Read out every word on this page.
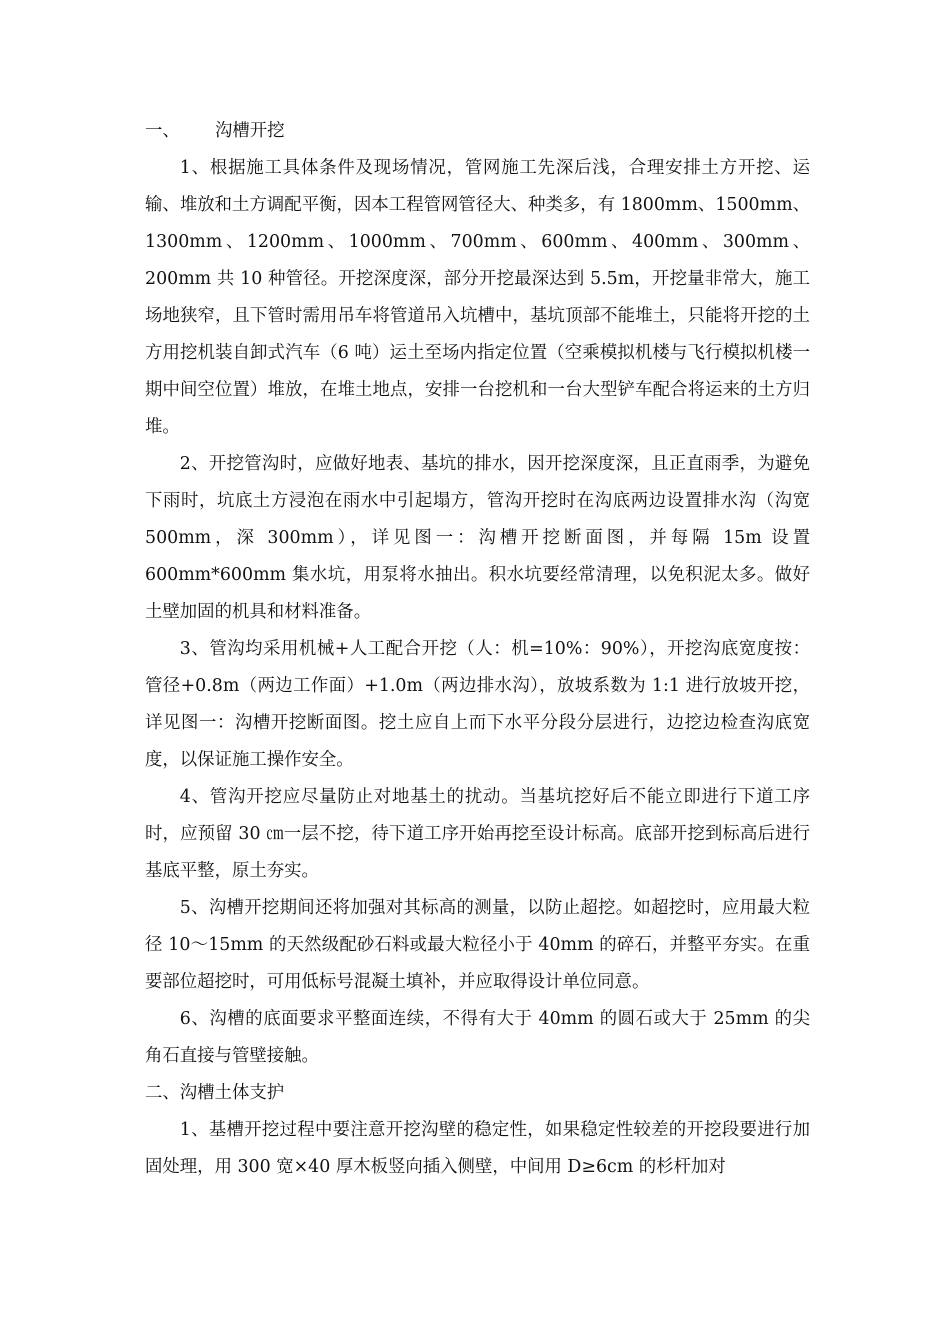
一、 沟槽开挖

1、根据施工具体条件及现场情况，管网施工先深后浅，合理安排土方开挖、运输、堆放和土方调配平衡，因本工程管网管径大、种类多，有 1800mm、1500mm、1300mm、1200mm、1000mm、700mm、600mm、400mm、300mm、200mm 共 10 种管径。开挖深度深，部分开挖最深达到 5.5m，开挖量非常大，施工场地狭窄，且下管时需用吊车将管道吊入坑槽中，基坑顶部不能堆土，只能将开挖的土方用挖机装自卸式汽车（6 吨）运土至场内指定位置（空乘模拟机楼与飞行模拟机楼一期中间空位置）堆放，在堆土地点，安排一台挖机和一台大型铲车配合将运来的土方归堆。

2、开挖管沟时，应做好地表、基坑的排水，因开挖深度深，且正直雨季，为避免下雨时，坑底土方浸泡在雨水中引起塌方，管沟开挖时在沟底两边设置排水沟（沟宽 500mm，深 300mm），详见图一：沟槽开挖断面图，并每隔 15m 设置 600mm*600mm 集水坑，用泵将水抽出。积水坑要经常清理，以免积泥太多。做好土壁加固的机具和材料准备。

3、管沟均采用机械+人工配合开挖（人：机=10%：90%），开挖沟底宽度按：管径+0.8m（两边工作面）+1.0m（两边排水沟），放坡系数为 1:1 进行放坡开挖，详见图一：沟槽开挖断面图。挖土应自上而下水平分段分层进行，边挖边检查沟底宽度，以保证施工操作安全。

4、管沟开挖应尽量防止对地基土的扰动。当基坑挖好后不能立即进行下道工序时，应预留 30 ㎝一层不挖，待下道工序开始再挖至设计标高。底部开挖到标高后进行基底平整，原土夯实。

5、沟槽开挖期间还将加强对其标高的测量，以防止超挖。如超挖时，应用最大粒径 10～15mm 的天然级配砂石料或最大粒径小于 40mm 的碎石，并整平夯实。在重要部位超挖时，可用低标号混凝土填补，并应取得设计单位同意。

6、沟槽的底面要求平整面连续，不得有大于 40mm 的圆石或大于 25mm 的尖角石直接与管壁接触。

二、沟槽土体支护

1、基槽开挖过程中要注意开挖沟壁的稳定性，如果稳定性较差的开挖段要进行加固处理，用 300 宽×40 厚木板竖向插入侧壁，中间用 D≥6cm 的杉杆加对
